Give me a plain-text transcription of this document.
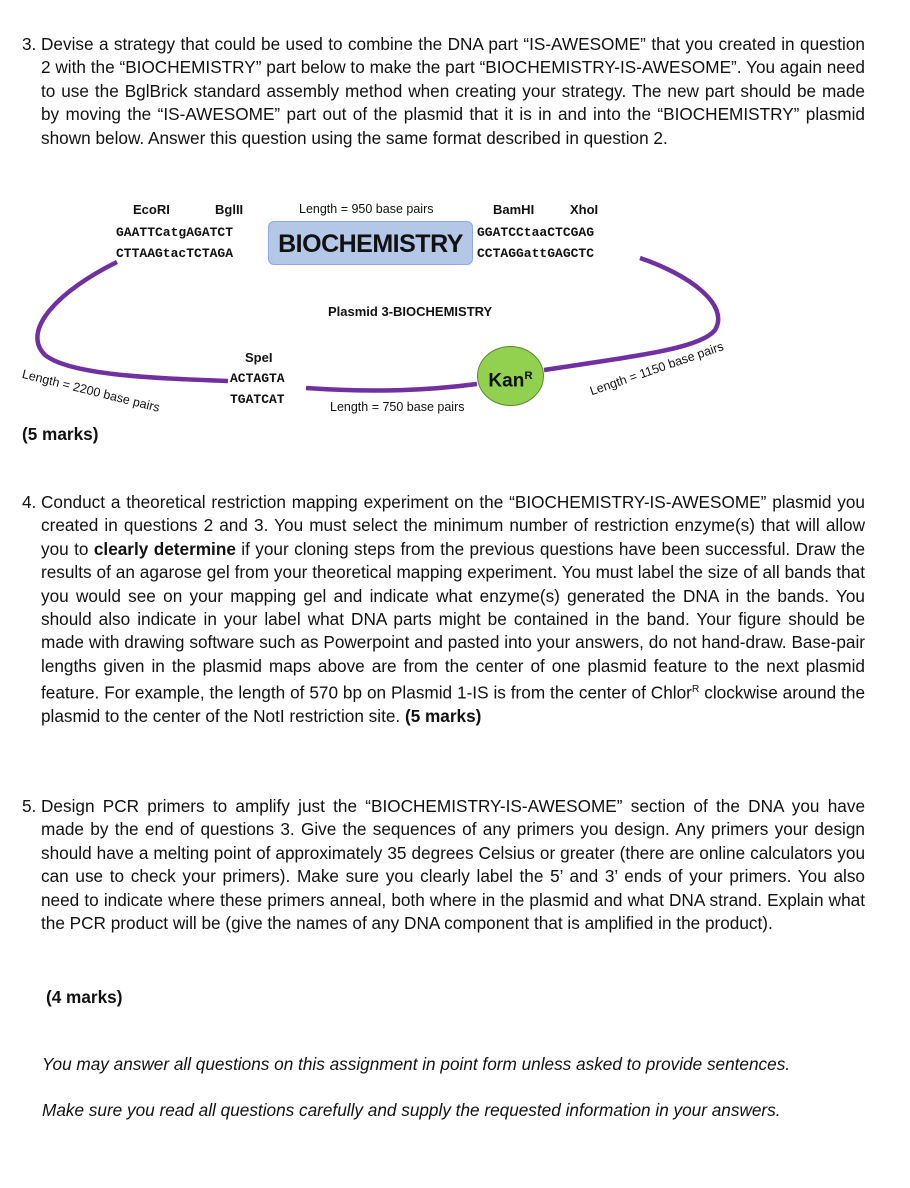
3. Devise a strategy that could be used to combine the DNA part “IS-AWESOME” that you created in question 2 with the “BIOCHEMISTRY” part below to make the part “BIOCHEMISTRY-IS-AWESOME”. You again need to use the BglBrick standard assembly method when creating your strategy. The new part should be made by moving the “IS-AWESOME” part out of the plasmid that it is in and into the “BIOCHEMISTRY” plasmid shown below. Answer this question using the same format described in question 2.
EcoRI	BglII	Length = 950 base pairs	BamHI	XhoI
GAATTCatgAGATCT
CTTAAGtacTCTAGA	BIOCHEMISTRY	GGATCCtaaCTCGAG
CCTAGGattGAGCTC
Plasmid 3-BIOCHEMISTRY
SpeI
ACTAGTA
TGATCAT	Length = 750 base pairs
Length = 2200 base pairs	Length = 1150 base pairs
Kan$^R$
(5 marks)
4. Conduct a theoretical restriction mapping experiment on the “BIOCHEMISTRY-IS-AWESOME” plasmid you created in questions 2 and 3. You must select the minimum number of restriction enzyme(s) that will allow you to clearly determine if your cloning steps from the previous questions have been successful. Draw the results of an agarose gel from your theoretical mapping experiment. You must label the size of all bands that you would see on your mapping gel and indicate what enzyme(s) generated the DNA in the bands. You should also indicate in your label what DNA parts might be contained in the band. Your figure should be made with drawing software such as Powerpoint and pasted into your answers, do not hand-draw. Base-pair lengths given in the plasmid maps above are from the center of one plasmid feature to the next plasmid feature. For example, the length of 570 bp on Plasmid 1-IS is from the center of Chlor$^R$ clockwise around the plasmid to the center of the NotI restriction site. (5 marks)
5. Design PCR primers to amplify just the “BIOCHEMISTRY-IS-AWESOME” section of the DNA you have made by the end of questions 3. Give the sequences of any primers you design. Any primers your design should have a melting point of approximately 35 degrees Celsius or greater (there are online calculators you can use to check your primers). Make sure you clearly label the 5’ and 3’ ends of your primers. You also need to indicate where these primers anneal, both where in the plasmid and what DNA strand. Explain what the PCR product will be (give the names of any DNA component that is amplified in the product).
(4 marks)
You may answer all questions on this assignment in point form unless asked to provide sentences.
Make sure you read all questions carefully and supply the requested information in your answers.
